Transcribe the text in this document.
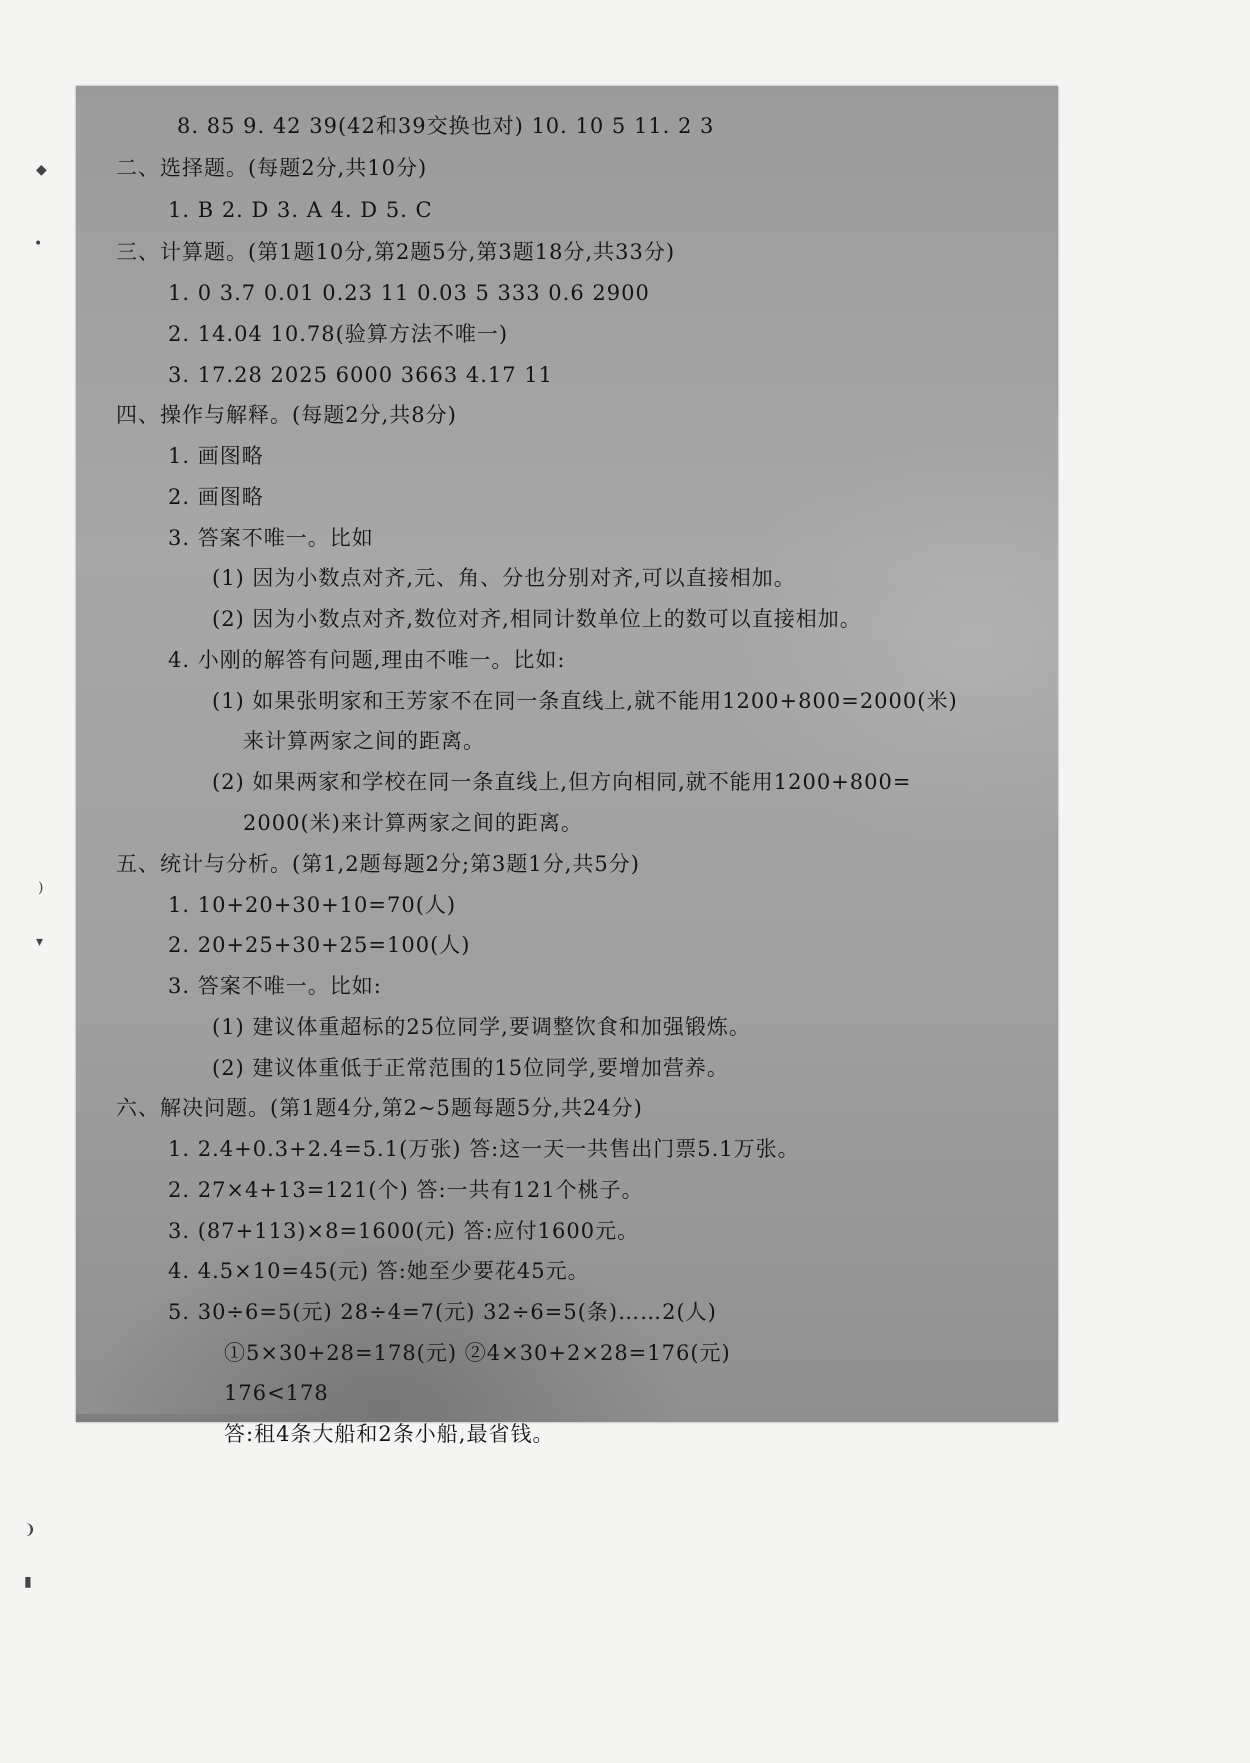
8. 85 9. 42 39(42和39交换也对) 10. 10 5 11. 2 3
二、选择题。(每题2分,共10分)
1. B 2. D 3. A 4. D 5. C
三、计算题。(第1题10分,第2题5分,第3题18分,共33分)
1. 0 3.7 0.01 0.23 11 0.03 5 333 0.6 2900
2. 14.04 10.78(验算方法不唯一)
3. 17.28 2025 6000 3663 4.17 11
四、操作与解释。(每题2分,共8分)
1. 画图略
2. 画图略
3. 答案不唯一。比如
(1) 因为小数点对齐,元、角、分也分别对齐,可以直接相加。
(2) 因为小数点对齐,数位对齐,相同计数单位上的数可以直接相加。
4. 小刚的解答有问题,理由不唯一。比如:
(1) 如果张明家和王芳家不在同一条直线上,就不能用1200+800=2000(米)
来计算两家之间的距离。
(2) 如果两家和学校在同一条直线上,但方向相同,就不能用1200+800=
2000(米)来计算两家之间的距离。
五、统计与分析。(第1,2题每题2分;第3题1分,共5分)
1. 10+20+30+10=70(人)
2. 20+25+30+25=100(人)
3. 答案不唯一。比如:
(1) 建议体重超标的25位同学,要调整饮食和加强锻炼。
(2) 建议体重低于正常范围的15位同学,要增加营养。
六、解决问题。(第1题4分,第2~5题每题5分,共24分)
1. 2.4+0.3+2.4=5.1(万张) 答:这一天一共售出门票5.1万张。
2. 27×4+13=121(个) 答:一共有121个桃子。
3. (87+113)×8=1600(元) 答:应付1600元。
4. 4.5×10=45(元) 答:她至少要花45元。
5. 30÷6=5(元) 28÷4=7(元) 32÷6=5(条)……2(人)
①5×30+28=178(元) ②4×30+2×28=176(元)
176<178
答:租4条大船和2条小船,最省钱。
◆
•
)
▾
❩
▮
